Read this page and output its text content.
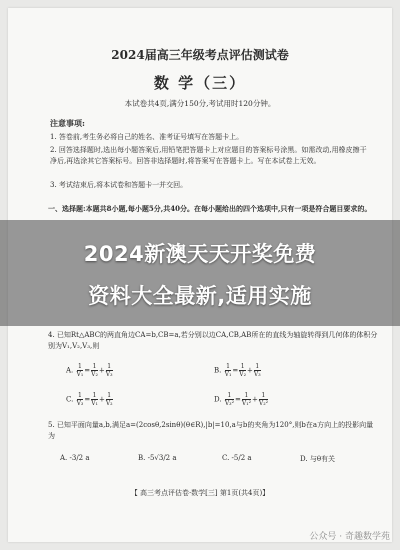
2024届高三年级考点评估测试卷
数 学（三）
本试卷共4页,满分150分,考试用时120分钟。
注意事项:
1. 答卷前,考生务必将自己的姓名、准考证号填写在答题卡上。
2. 回答选择题时,选出每小题答案后,用铅笔把答题卡上对应题目的答案标号涂黑。如需改动,用橡皮擦干净后,再选涂其它答案标号。回答非选择题时,将答案写在答题卡上。写在本试卷上无效。
3. 考试结束后,将本试卷和答题卡一并交回。
一、选择题:本题共8小题,每小题5分,共40分。在每小题给出的四个选项中,只有一项是符合题目要求的。
4. 已知Rt△ABC的两直角边CA=b,CB=a,若分别以边CA,CB,AB所在的直线为轴旋转得到几何体的体积分别为V₁,V₂,V₃,则
A. $\frac{1}{\text{V₁}} = \frac{1}{\text{V₂}} + \frac{1}{\text{V₃}}$	B. $\frac{1}{\text{V₁}} = \frac{1}{\text{V₂}} + \frac{1}{\text{V₃}}$
C. $\frac{1}{\text{V₃}} = \frac{1}{\text{V₁}} + \frac{1}{\text{V₂}}$	D. $\frac{1}{\text{V₃²}} = \frac{1}{\text{V₁²}} + \frac{1}{\text{V₂²}}$
5. 已知平面向量a,b,满足a=(2cosθ,2sinθ)(θ∈R),|b|=10,a与b的夹角为120°,则b在a方向上的投影向量为
A. -3/2 a	B. -5√3/2 a	C. -5/2 a	D. 与θ有关
【 高三考点评估卷·数学[三] 第1页(共4页)】
2024新澳天天开奖免费
资料大全最新,适用实施
公众号 · 奇趣数学苑
